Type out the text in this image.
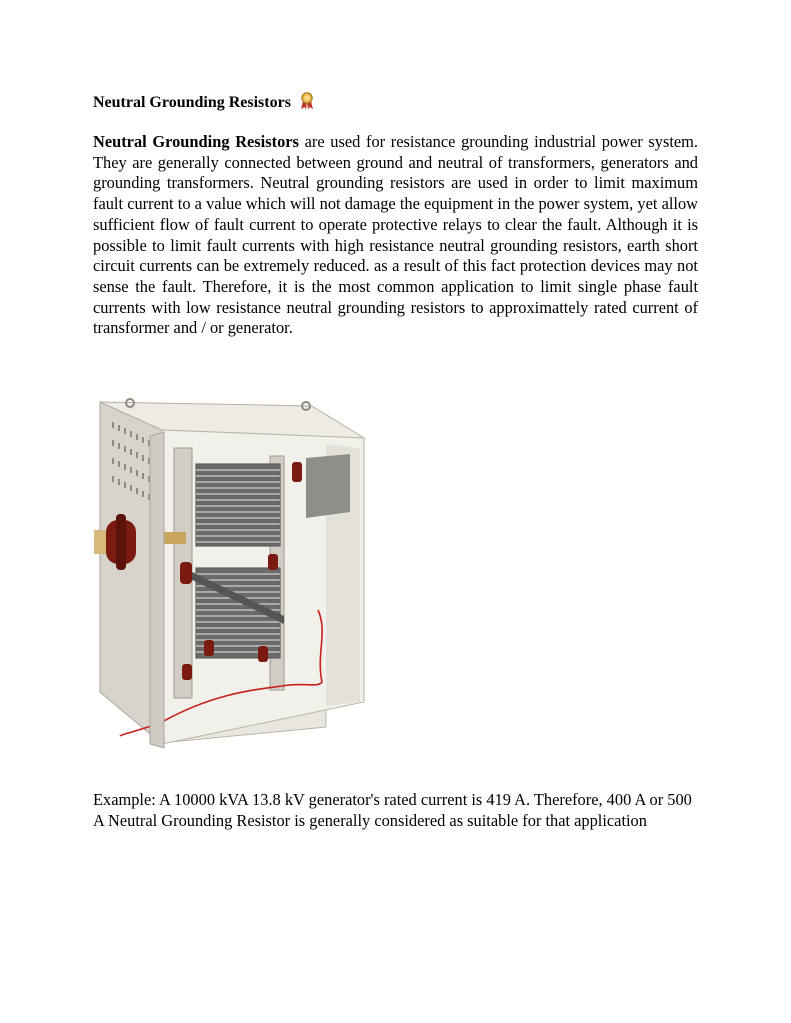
Neutral Grounding Resistors
Neutral Grounding Resistors are used for resistance grounding industrial power system. They are generally connected between ground and neutral of transformers, generators and grounding transformers. Neutral grounding resistors are used in order to limit maximum fault current to a value which will not damage the equipment in the power system, yet allow sufficient flow of fault current to operate protective relays to clear the fault. Although it is possible to limit fault currents with high resistance neutral grounding resistors, earth short circuit currents can be extremely reduced. as a result of this fact protection devices may not sense the fault. Therefore, it is the most common application to limit single phase fault currents with low resistance neutral grounding resistors to approximattely rated current of transformer and / or generator.
Example: A 10000 kVA 13.8 kV generator's rated current is 419 A. Therefore, 400 A or 500 A Neutral Grounding Resistor is generally considered as suitable for that application
